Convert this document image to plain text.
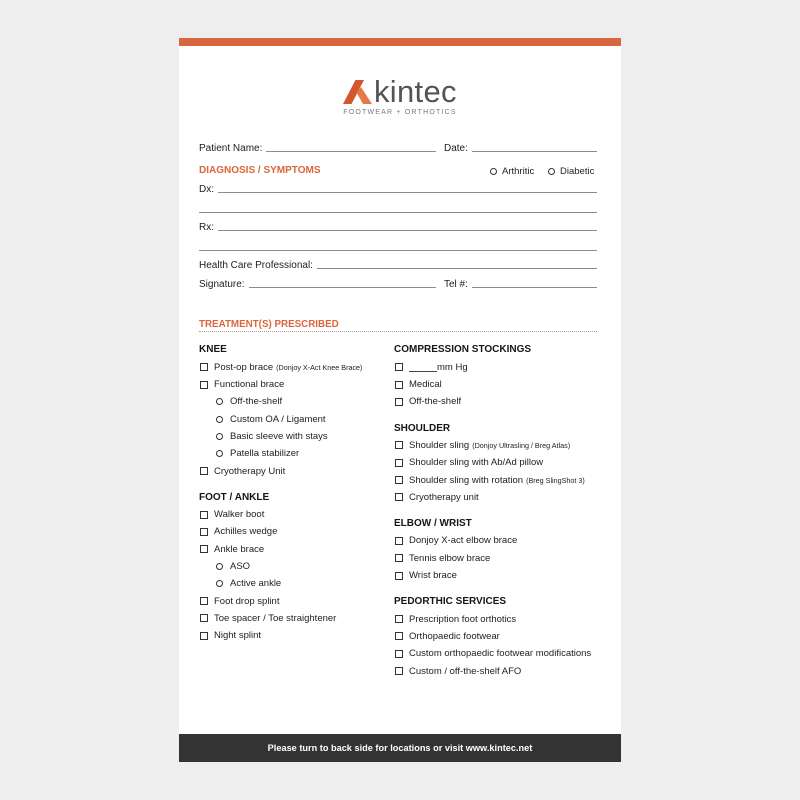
kintec
FOOTWEAR + ORTHOTICS
Patient Name:	Date:
DIAGNOSIS / SYMPTOMS	Arthritic	Diabetic
Dx:
Rx:
Health Care Professional:
Signature:	Tel #:
TREATMENT(S) PRESCRIBED
KNEE
Post-op brace (Donjoy X-Act Knee Brace)
Functional brace
Off-the-shelf
Custom OA / Ligament
Basic sleeve with stays
Patella stabilizer
Cryotherapy Unit
FOOT / ANKLE
Walker boot
Achilles wedge
Ankle brace
ASO
Active ankle
Foot drop splint
Toe spacer / Toe straightener
Night splint
COMPRESSION STOCKINGS
mm Hg
Medical
Off-the-shelf
SHOULDER
Shoulder sling (Donjoy Ultrasling / Breg Atlas)
Shoulder sling with Ab/Ad pillow
Shoulder sling with rotation (Breg SlingShot 3)
Cryotherapy unit
ELBOW / WRIST
Donjoy X-act elbow brace
Tennis elbow brace
Wrist brace
PEDORTHIC SERVICES
Prescription foot orthotics
Orthopaedic footwear
Custom orthopaedic footwear modifications
Custom / off-the-shelf AFO
Please turn to back side for locations or visit www.kintec.net
